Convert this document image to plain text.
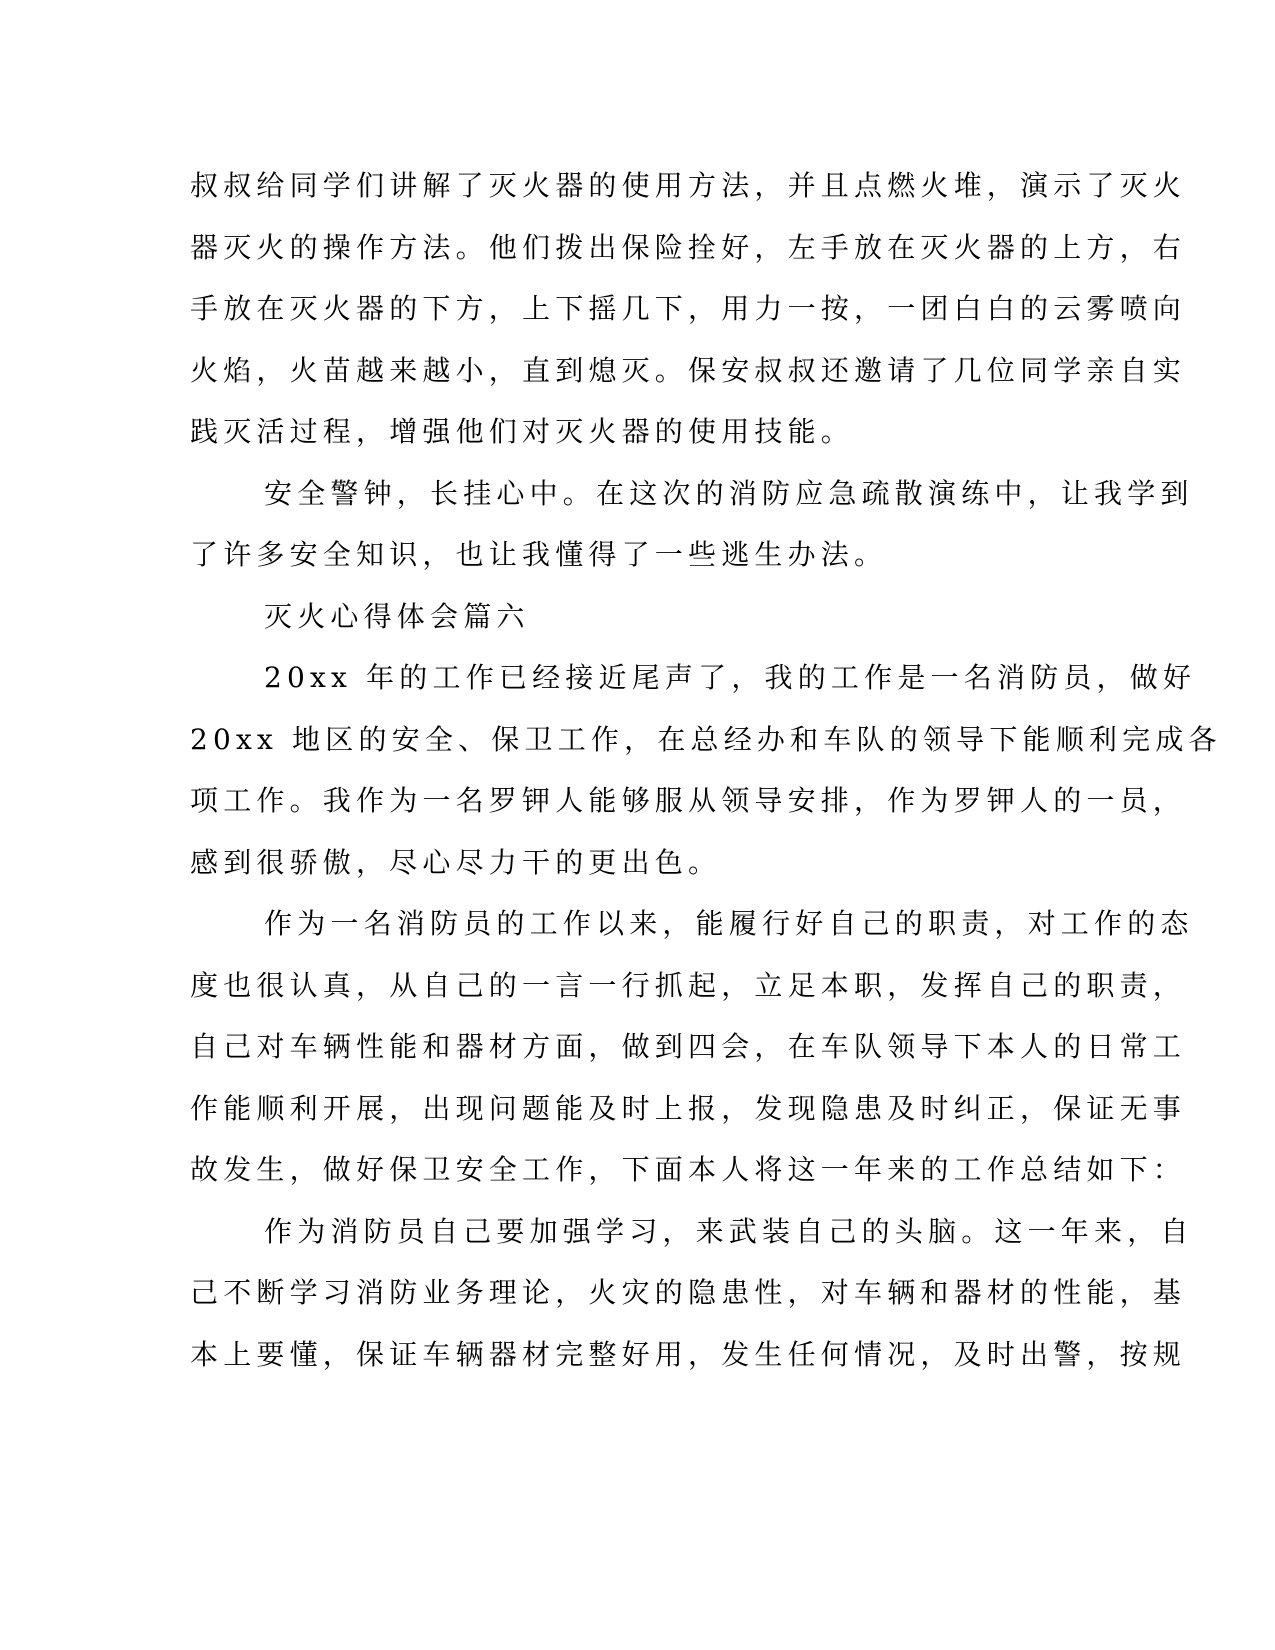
叔叔给同学们讲解了灭火器的使用方法，并且点燃火堆，演示了灭火
器灭火的操作方法。他们拨出保险拴好，左手放在灭火器的上方，右
手放在灭火器的下方，上下摇几下，用力一按，一团白白的云雾喷向
火焰，火苗越来越小，直到熄灭。保安叔叔还邀请了几位同学亲自实
践灭活过程，增强他们对灭火器的使用技能。
安全警钟，长挂心中。在这次的消防应急疏散演练中，让我学到
了许多安全知识，也让我懂得了一些逃生办法。
灭火心得体会篇六
20xx 年的工作已经接近尾声了，我的工作是一名消防员，做好
20xx 地区的安全、保卫工作，在总经办和车队的领导下能顺利完成各
项工作。我作为一名罗钾人能够服从领导安排，作为罗钾人的一员，
感到很骄傲，尽心尽力干的更出色。
作为一名消防员的工作以来，能履行好自己的职责，对工作的态
度也很认真，从自己的一言一行抓起，立足本职，发挥自己的职责，
自己对车辆性能和器材方面，做到四会，在车队领导下本人的日常工
作能顺利开展，出现问题能及时上报，发现隐患及时纠正，保证无事
故发生，做好保卫安全工作，下面本人将这一年来的工作总结如下：
作为消防员自己要加强学习，来武装自己的头脑。这一年来，自
己不断学习消防业务理论，火灾的隐患性，对车辆和器材的性能，基
本上要懂，保证车辆器材完整好用，发生任何情况，及时出警，按规
